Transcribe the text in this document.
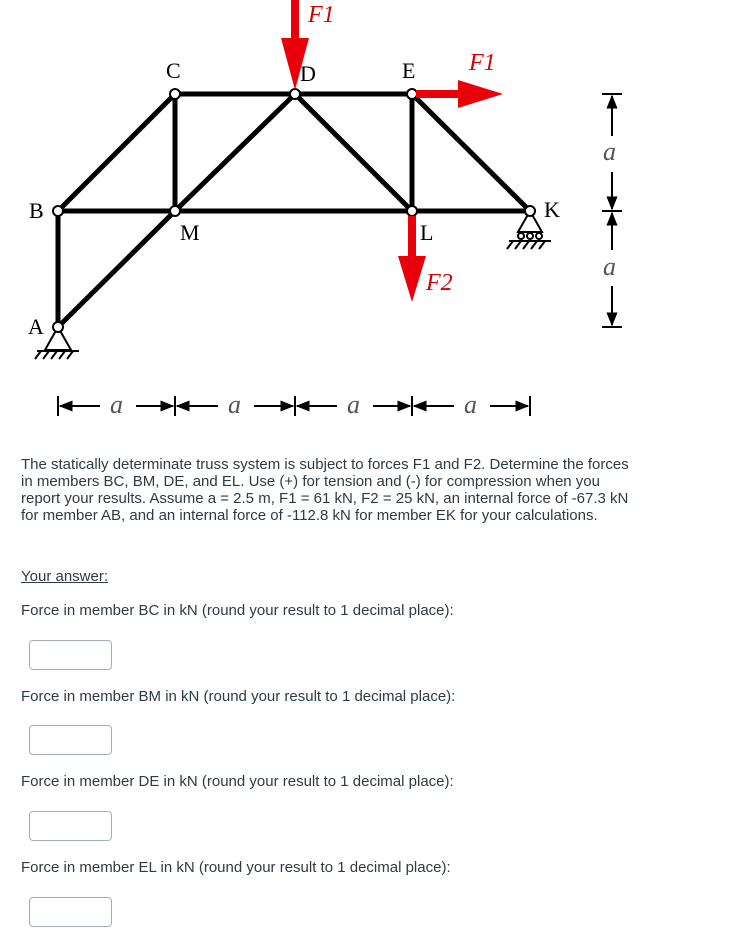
A
B
C	D	E
K
L
M
F1
F1
F2
a	a	a	a
a
a

The statically determinate truss system is subject to forces F1 and F2. Determine the forces in members BC, BM, DE, and EL. Use (+) for tension and (-) for compression when you report your results. Assume a = 2.5 m, F1 = 61 kN, F2 = 25 kN, an internal force of -67.3 kN for member AB, and an internal force of -112.8 kN for member EK for your calculations.

Your answer:

Force in member BC in kN (round your result to 1 decimal place):

Force in member BM in kN (round your result to 1 decimal place):

Force in member DE in kN (round your result to 1 decimal place):

Force in member EL in kN (round your result to 1 decimal place):
